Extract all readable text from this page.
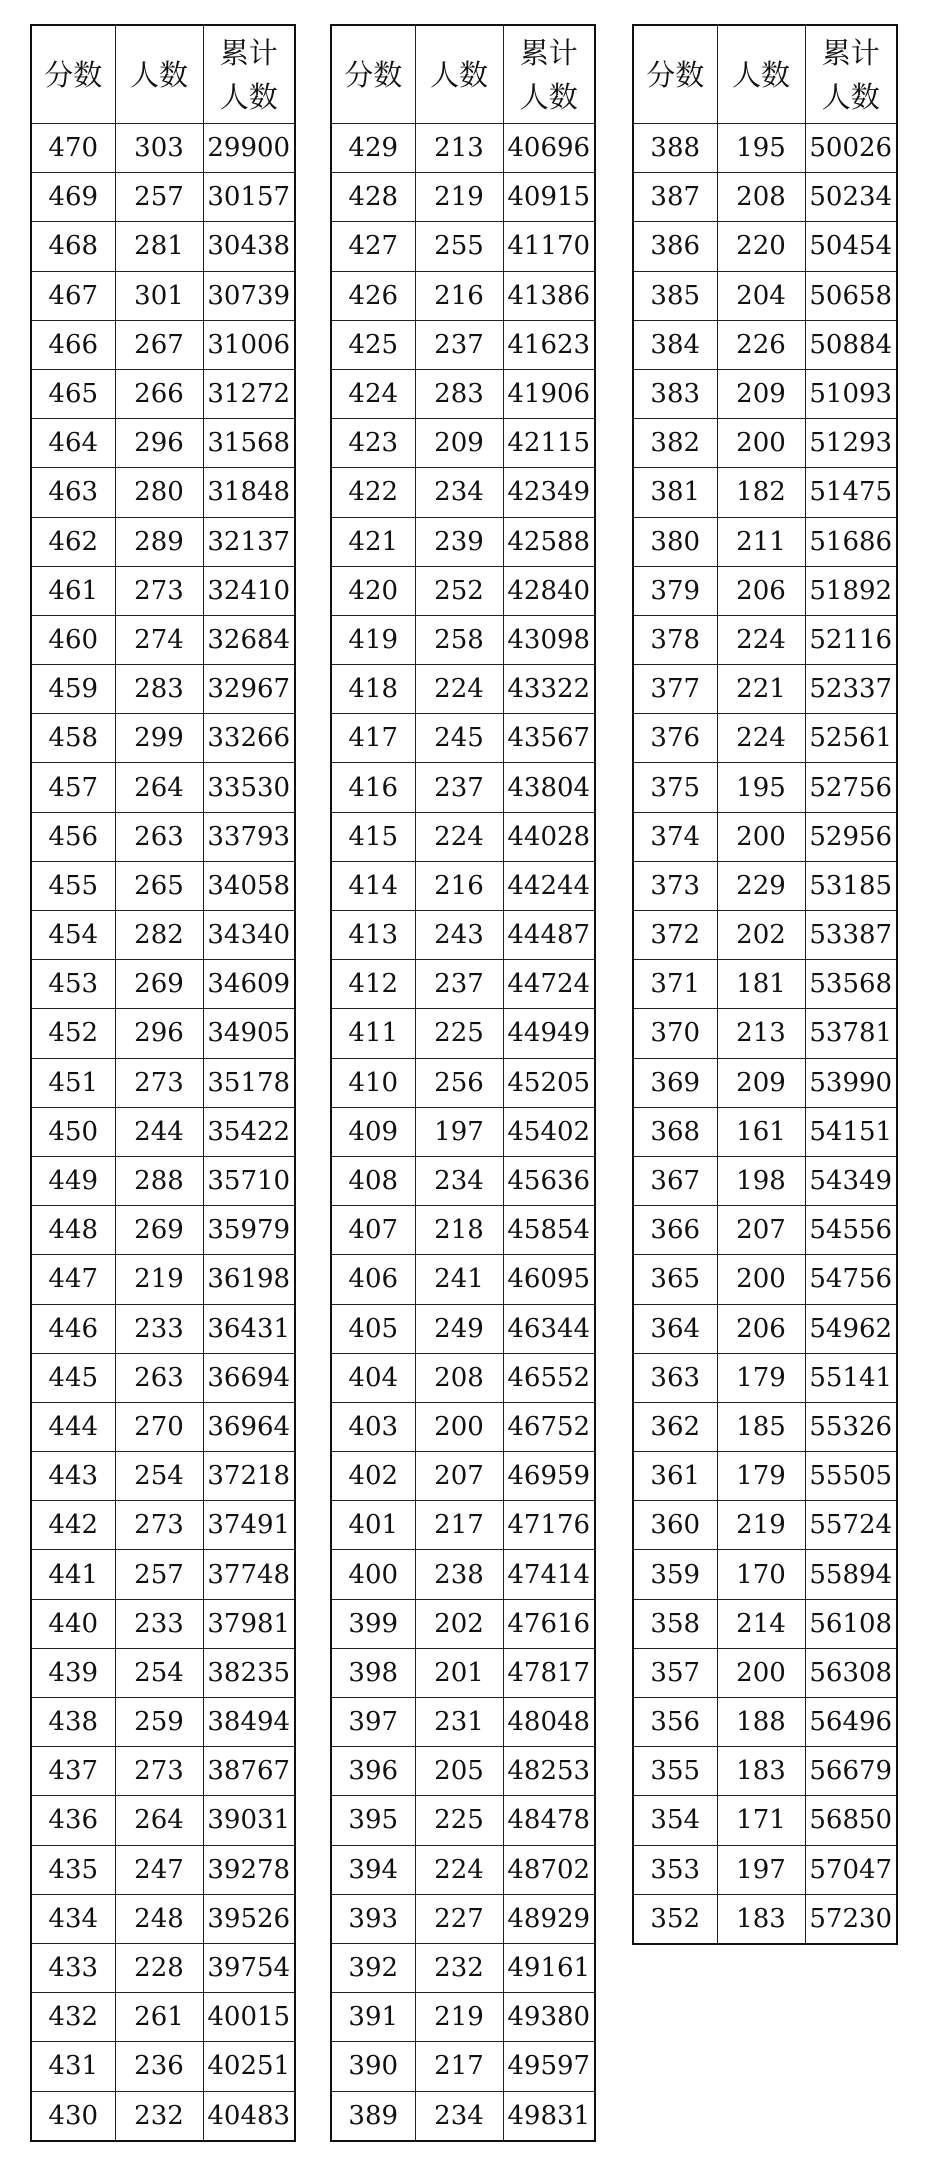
分数	人数	累计
人数
470	303	29900
469	257	30157
468	281	30438
467	301	30739
466	267	31006
465	266	31272
464	296	31568
463	280	31848
462	289	32137
461	273	32410
460	274	32684
459	283	32967
458	299	33266
457	264	33530
456	263	33793
455	265	34058
454	282	34340
453	269	34609
452	296	34905
451	273	35178
450	244	35422
449	288	35710
448	269	35979
447	219	36198
446	233	36431
445	263	36694
444	270	36964
443	254	37218
442	273	37491
441	257	37748
440	233	37981
439	254	38235
438	259	38494
437	273	38767
436	264	39031
435	247	39278
434	248	39526
433	228	39754
432	261	40015
431	236	40251
430	232	40483
分数	人数	累计
人数
429	213	40696
428	219	40915
427	255	41170
426	216	41386
425	237	41623
424	283	41906
423	209	42115
422	234	42349
421	239	42588
420	252	42840
419	258	43098
418	224	43322
417	245	43567
416	237	43804
415	224	44028
414	216	44244
413	243	44487
412	237	44724
411	225	44949
410	256	45205
409	197	45402
408	234	45636
407	218	45854
406	241	46095
405	249	46344
404	208	46552
403	200	46752
402	207	46959
401	217	47176
400	238	47414
399	202	47616
398	201	47817
397	231	48048
396	205	48253
395	225	48478
394	224	48702
393	227	48929
392	232	49161
391	219	49380
390	217	49597
389	234	49831
分数	人数	累计
人数
388	195	50026
387	208	50234
386	220	50454
385	204	50658
384	226	50884
383	209	51093
382	200	51293
381	182	51475
380	211	51686
379	206	51892
378	224	52116
377	221	52337
376	224	52561
375	195	52756
374	200	52956
373	229	53185
372	202	53387
371	181	53568
370	213	53781
369	209	53990
368	161	54151
367	198	54349
366	207	54556
365	200	54756
364	206	54962
363	179	55141
362	185	55326
361	179	55505
360	219	55724
359	170	55894
358	214	56108
357	200	56308
356	188	56496
355	183	56679
354	171	56850
353	197	57047
352	183	57230
